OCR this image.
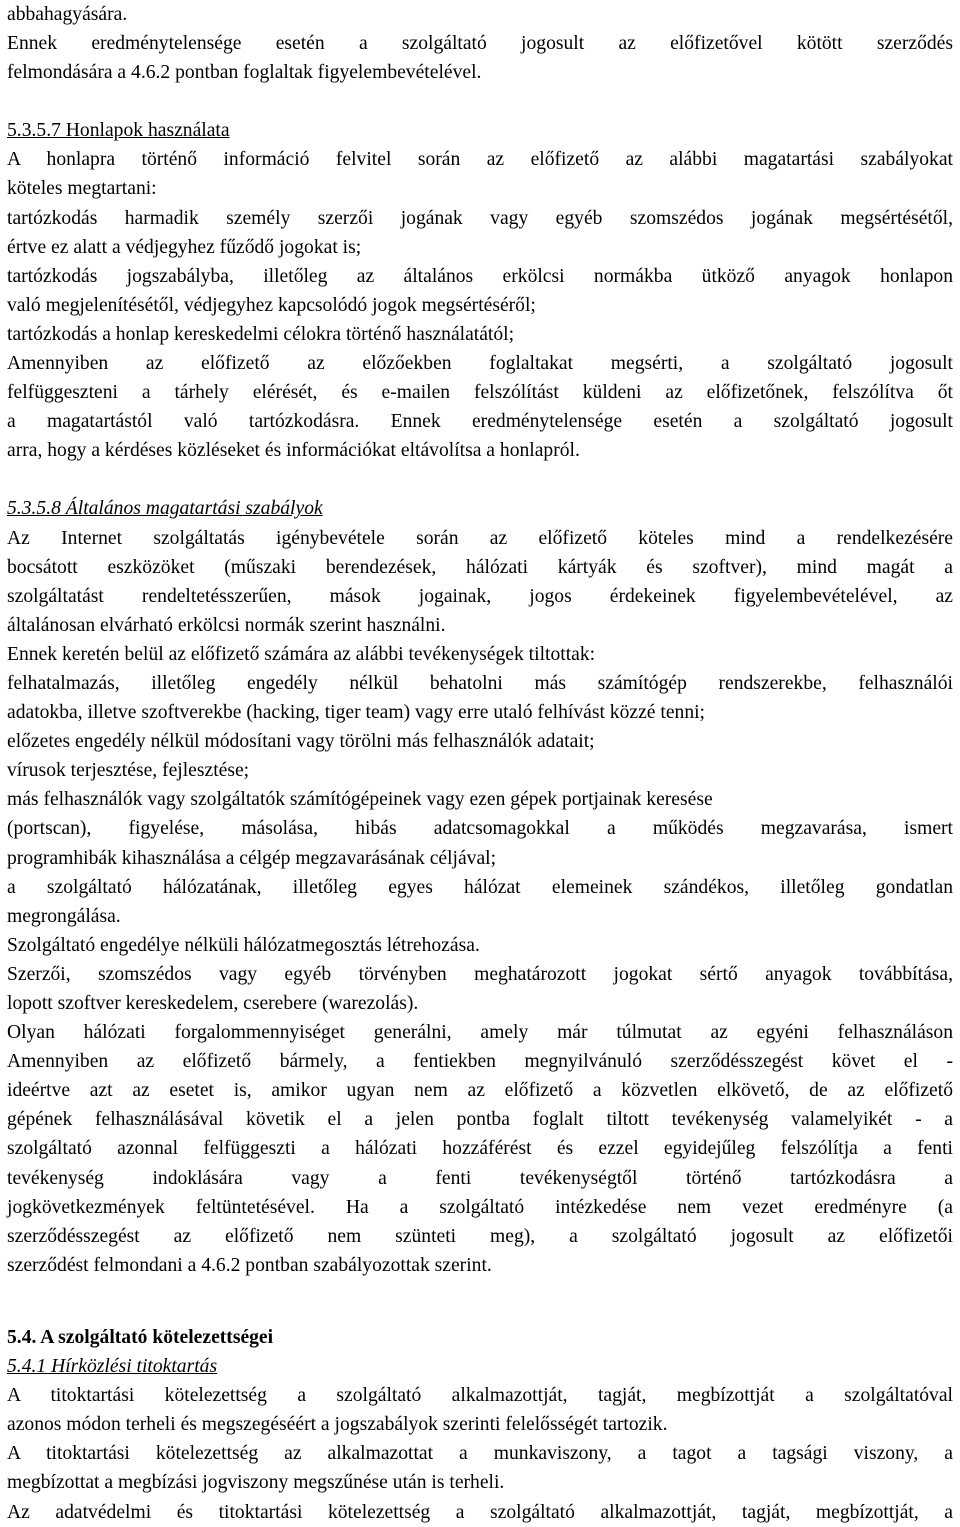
abbahagyására.
Ennek eredménytelensége esetén a szolgáltató jogosult az előfizetővel kötött szerződés
felmondására a 4.6.2 pontban foglaltak figyelembevételével.
5.3.5.7 Honlapok használata
A honlapra történő információ felvitel során az előfizető az alábbi magatartási szabályokat
köteles megtartani:
tartózkodás harmadik személy szerzői jogának vagy egyéb szomszédos jogának megsértésétől,
értve ez alatt a védjegyhez fűződő jogokat is;
tartózkodás jogszabályba, illetőleg az általános erkölcsi normákba ütköző anyagok honlapon
való megjelenítésétől, védjegyhez kapcsolódó jogok megsértéséről;
tartózkodás a honlap kereskedelmi célokra történő használatától;
Amennyiben az előfizető az előzőekben foglaltakat megsérti, a szolgáltató jogosult
felfüggeszteni a tárhely elérését, és e-mailen felszólítást küldeni az előfizetőnek, felszólítva őt
a magatartástól való tartózkodásra. Ennek eredménytelensége esetén a szolgáltató jogosult
arra, hogy a kérdéses közléseket és információkat eltávolítsa a honlapról.
5.3.5.8 Általános magatartási szabályok
Az Internet szolgáltatás igénybevétele során az előfizető köteles mind a rendelkezésére
bocsátott eszközöket (műszaki berendezések, hálózati kártyák és szoftver), mind magát a
szolgáltatást rendeltetésszerűen, mások jogainak, jogos érdekeinek figyelembevételével, az
általánosan elvárható erkölcsi normák szerint használni.
Ennek keretén belül az előfizető számára az alábbi tevékenységek tiltottak:
felhatalmazás, illetőleg engedély nélkül behatolni más számítógép rendszerekbe, felhasználói
adatokba, illetve szoftverekbe (hacking, tiger team) vagy erre utaló felhívást közzé tenni;
előzetes engedély nélkül módosítani vagy törölni más felhasználók adatait;
vírusok terjesztése, fejlesztése;
más felhasználók vagy szolgáltatók számítógépeinek vagy ezen gépek portjainak keresése
(portscan), figyelése, másolása, hibás adatcsomagokkal a működés megzavarása, ismert
programhibák kihasználása a célgép megzavarásának céljával;
a szolgáltató hálózatának, illetőleg egyes hálózat elemeinek szándékos, illetőleg gondatlan
megrongálása.
Szolgáltató engedélye nélküli hálózatmegosztás létrehozása.
Szerzői, szomszédos vagy egyéb törvényben meghatározott jogokat sértő anyagok továbbítása,
lopott szoftver kereskedelem, cserebere (warezolás).
Olyan hálózati forgalommennyiséget generálni, amely már túlmutat az egyéni felhasználáson
Amennyiben az előfizető bármely, a fentiekben megnyilvánuló szerződésszegést követ el -
ideértve azt az esetet is, amikor ugyan nem az előfizető a közvetlen elkövető, de az előfizető
gépének felhasználásával követik el a jelen pontba foglalt tiltott tevékenység valamelyikét - a
szolgáltató azonnal felfüggeszti a hálózati hozzáférést és ezzel egyidejűleg felszólítja a fenti
tevékenység indoklására vagy a fenti tevékenységtől történő tartózkodásra a
jogkövetkezmények feltüntetésével. Ha a szolgáltató intézkedése nem vezet eredményre (a
szerződésszegést az előfizető nem szünteti meg), a szolgáltató jogosult az előfizetői
szerződést felmondani a 4.6.2 pontban szabályozottak szerint.
5.4. A szolgáltató kötelezettségei
5.4.1 Hírközlési titoktartás
A titoktartási kötelezettség a szolgáltató alkalmazottját, tagját, megbízottját a szolgáltatóval
azonos módon terheli és megszegéséért a jogszabályok szerinti felelősségét tartozik.
A titoktartási kötelezettség az alkalmazottat a munkaviszony, a tagot a tagsági viszony, a
megbízottat a megbízási jogviszony megszűnése után is terheli.
Az adatvédelmi és titoktartási kötelezettség a szolgáltató alkalmazottját, tagját, megbízottját, a
